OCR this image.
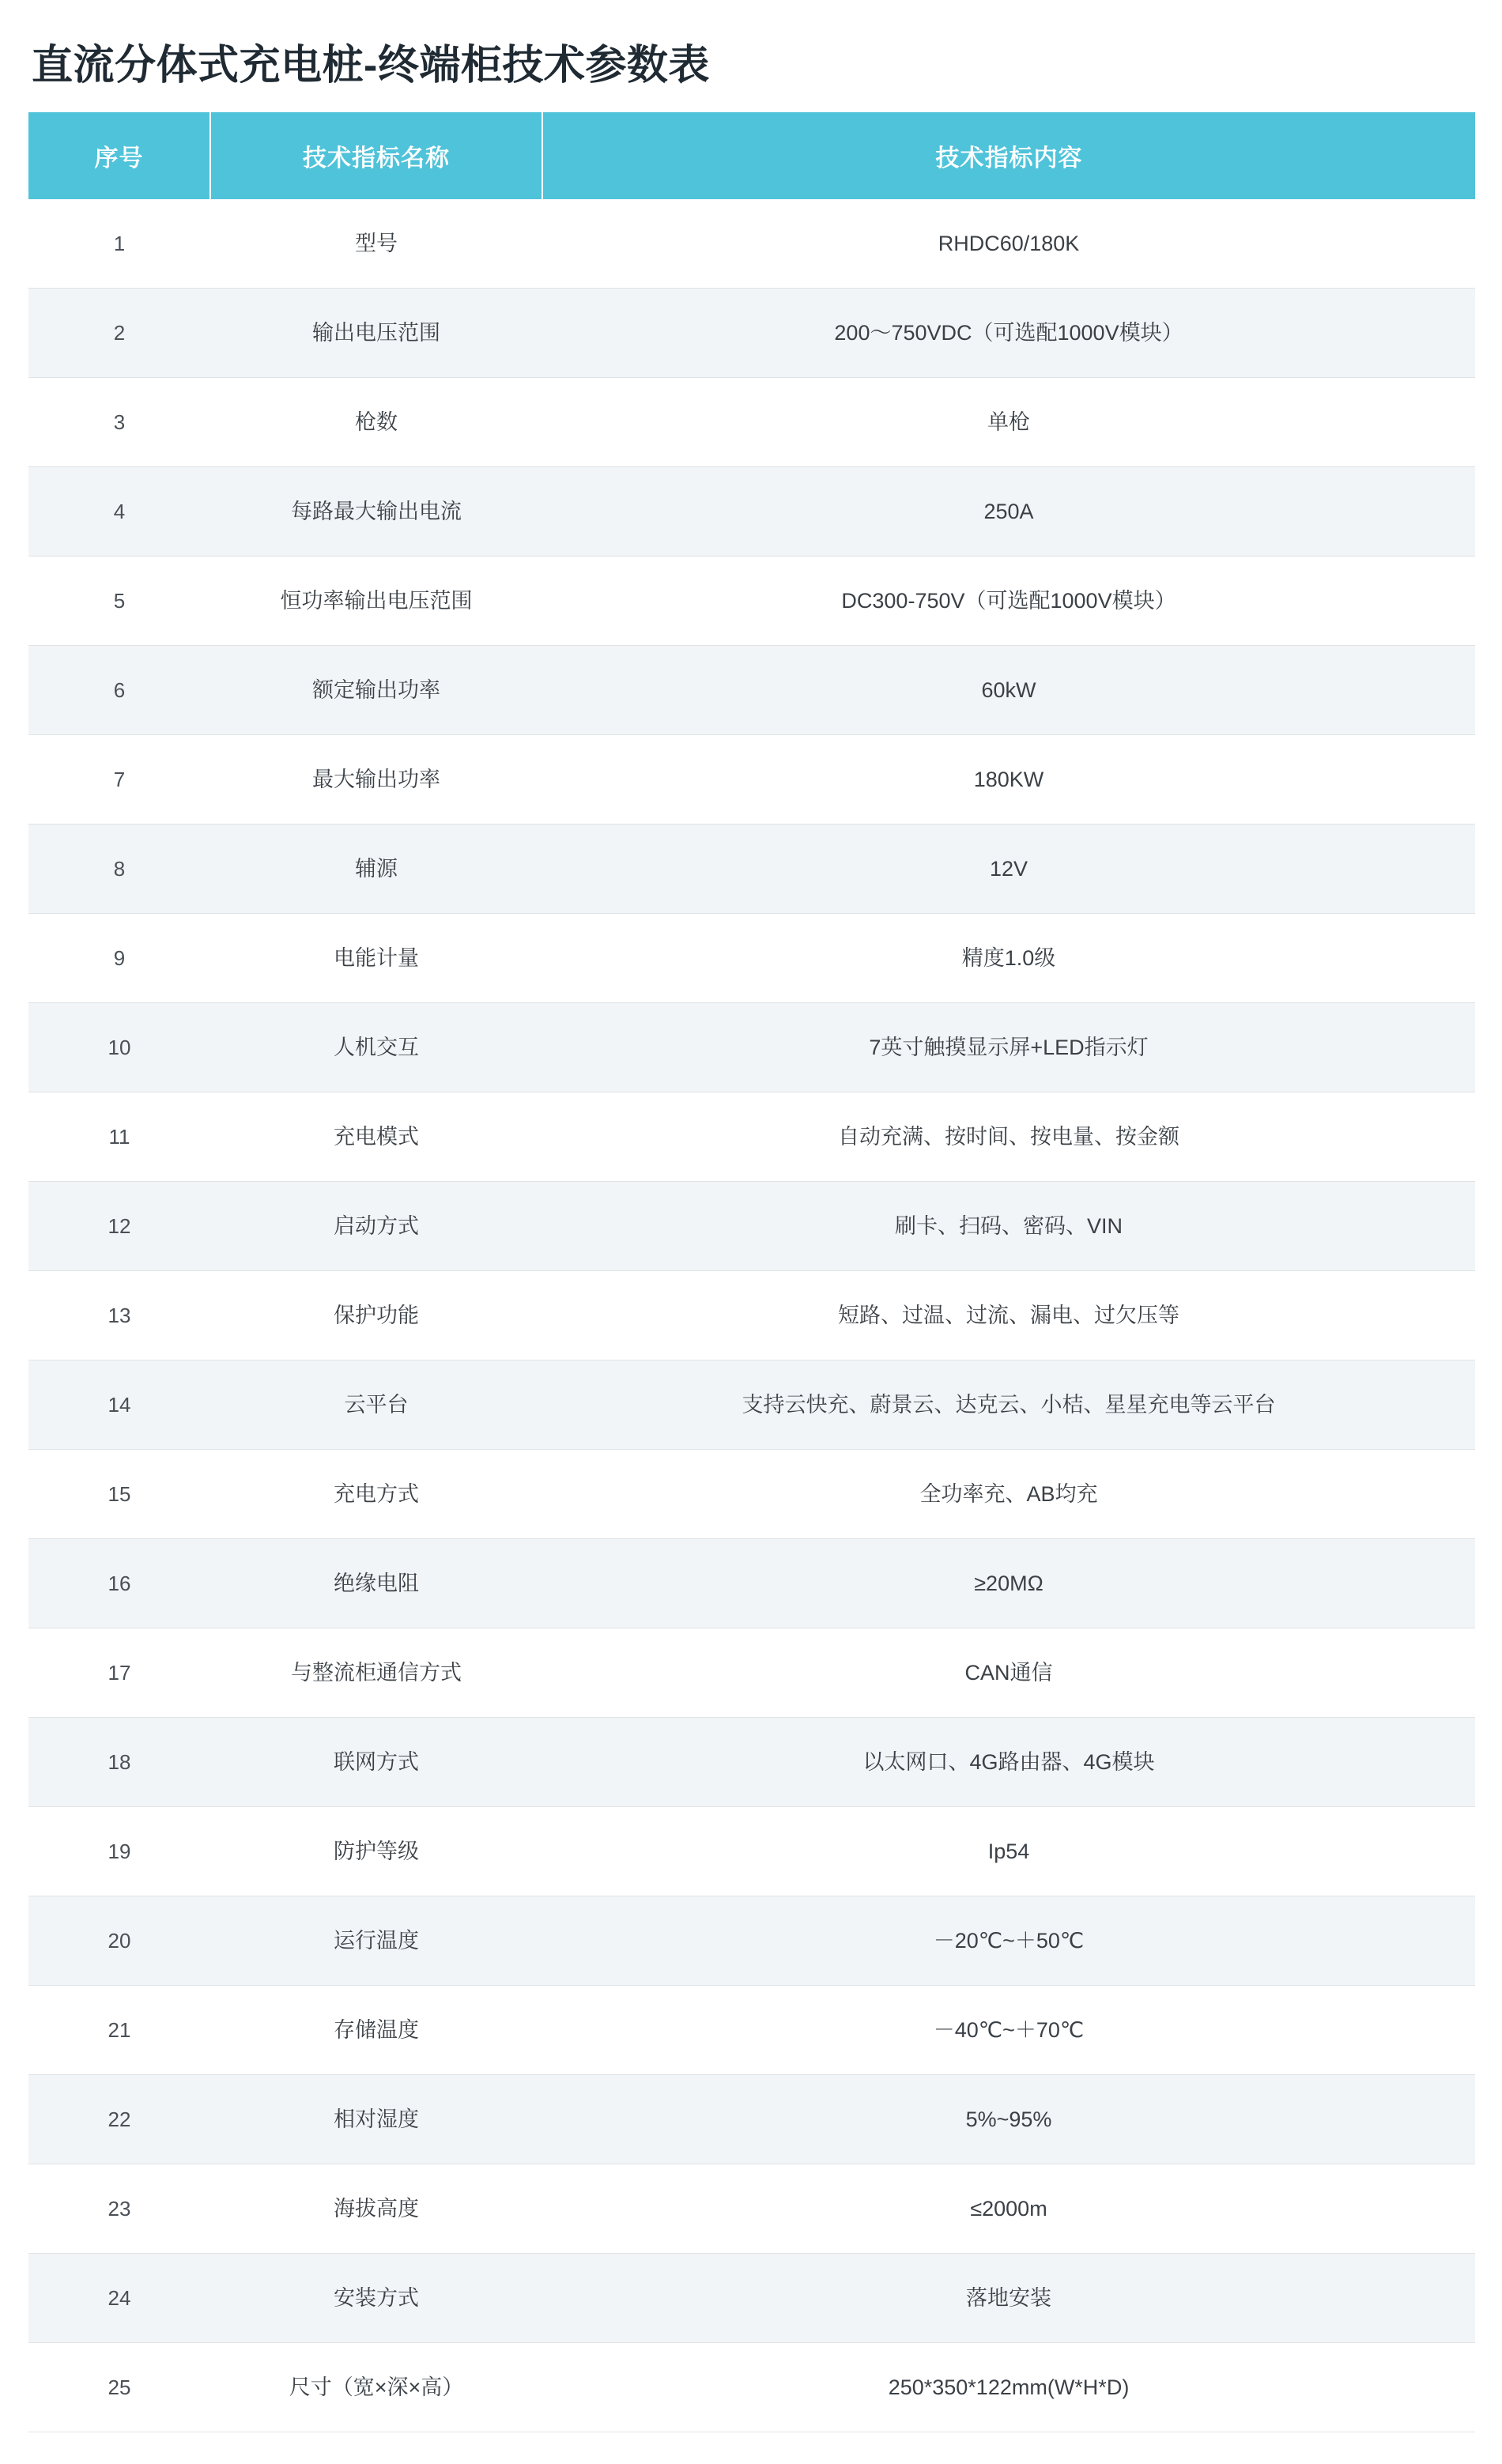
直流分体式充电桩-终端柜技术参数表
序号	技术指标名称	技术指标内容
1	型号	RHDC60/180K
2	输出电压范围	200～750VDC（可选配1000V模块）
3	枪数	单枪
4	每路最大输出电流	250A
5	恒功率输出电压范围	DC300-750V（可选配1000V模块）
6	额定输出功率	60kW
7	最大输出功率	180KW
8	辅源	12V
9	电能计量	精度1.0级
10	人机交互	7英寸触摸显示屏+LED指示灯
11	充电模式	自动充满、按时间、按电量、按金额
12	启动方式	刷卡、扫码、密码、VIN
13	保护功能	短路、过温、过流、漏电、过欠压等
14	云平台	支持云快充、蔚景云、达克云、小桔、星星充电等云平台
15	充电方式	全功率充、AB均充
16	绝缘电阻	≥20MΩ
17	与整流柜通信方式	CAN通信
18	联网方式	以太网口、4G路由器、4G模块
19	防护等级	Ip54
20	运行温度	－20℃~＋50℃
21	存储温度	－40℃~＋70℃
22	相对湿度	5%~95%
23	海拔高度	≤2000m
24	安装方式	落地安装
25	尺寸（宽×深×高）	250*350*122mm(W*H*D)
